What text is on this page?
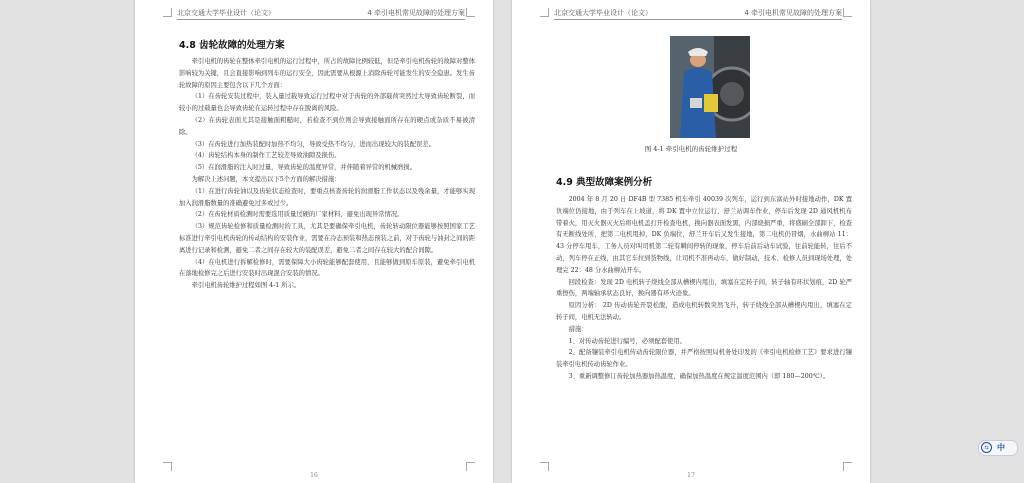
北京交通大学毕业设计（论文）	4 牵引电机常见故障的处理方案
4.8 齿轮故障的处理方案

牵引电机的齿轮在整体牵引电机的运行过程中，所占的故障比例较低，但是牵引电机齿轮的故障对整体影响较为关键，且会直接影响到列车的运行安全，因此需要从根源上消除齿轮可能发生的安全隐患。发生齿轮故障的原因主要包含以下几个方面：

（1）在齿轮安装过程中，装入量过载导致运行过程中对于齿轮的外部载荷突然过大导致齿轮断裂，而较小的过载量也会导致齿轮在运转过程中存在脱离的风险。

（2）在齿轮表面尤其是接触面粗糙时，若检查不到位则会导致接触面所存在的硬点或杂质不易被清除。

（3）在齿轮进行加热装配时加热不均匀，导致受热不均匀，进而出现较大的装配误差。

（4）齿轮结构本身的制作工艺较差导致油隙及损伤。

（5）在润滑脂的注入时过量，导致齿轮的温度异常，并伴随着异常的机械磨损。

为解决上述问题，本文提出以下5个方面的解决措施：

（1）在进行齿轮油以及齿轮状态检查时，要重点核查齿轮的润滑脂工作状态以及残余量，才能够实现加入润滑脂数量的准确避免过多或过少。

（2）在齿轮材质检测时需要选用质量过硬的厂家材料，避免出现异常情况。

（3）规范齿轮检修和质量检测时的工具，尤其是要确保牵引电机，齿轮转动限位器能够按照国家工艺标准进行牵引电机齿轮的传动结构的安装作业，需要在冷态预装和热态预装之前，对于齿轮与油封之间的距离进行记录和检测，避免二者之间存在较大的装配误差，避免二者之间存在较大的配合间隙。

（4）在电机进行拆解检修时，需要保障大小齿轮能够配套使用，且能够做到原车原装，避免牵引电机在落地检修完之后进行安装时出现混合安装的情况。

牵引电机齿轮维护过程如图 4-1 所示。

16
北京交通大学毕业设计（论文）	4 牵引电机常见故障的处理方案
图 4-1 牵引电机的齿轮维护过程
4.9 典型故障案例分析

2004 年 8 月 20 日 DF4B 型 7385 机车牵引 40039 次列车，运行到东富站外时接地动作，DK 置负端位仍接地，由于列车在上坡道，将 DK 置中立位运行，舒兰站调车作业，停车后发现 2D 通风机机布带着火，用灭火器灭火后将电机盖打开检查电机，换向器表面发黑，内部烧损严重，将盛刷全部卸下，检查有无断线处所，把第二电机甩掉，DK 负端位，舒兰开车后又发生接地，第二电机仍冒烟，水曲柳站 11：43 分停车甩车，工务人员对叫司机第二轮有瞬间停转的现象，停车后前后动车试验，往前轮能转，往后不动，列车停在正线，由其它车拉到货物线，让司机不准再动车，做好制动，技术、检修人员到现场处理，处理完 22：48 分水曲柳站开车。

回段检查：发现 2D 电机转子绕线全部从槽楔内甩出，填塞在定转子间，转子轴有环状划痕，2D 轮严重擦伤，两端轴承状态良好，换向器有环火迹象。

原因分析： 2D 传动齿轮开裂松脱，造成电机转数突然飞升，转子绕线全部从槽楔内甩出，填塞在定转子间，电机无法转动。

措施：

1、对传动齿轮进行编号，必须配套使用。

2、配备镶装牵引电机传动齿轮限位器，并严格按照局机务处印发的《牵引电机检修工艺》要求进行镶装牵引电机传动齿轮作业。

3、重新调整修订齿轮加热器加热温度，确保加热温度在规定温度范围内（即 180—200℃）。

17
⇆	中
